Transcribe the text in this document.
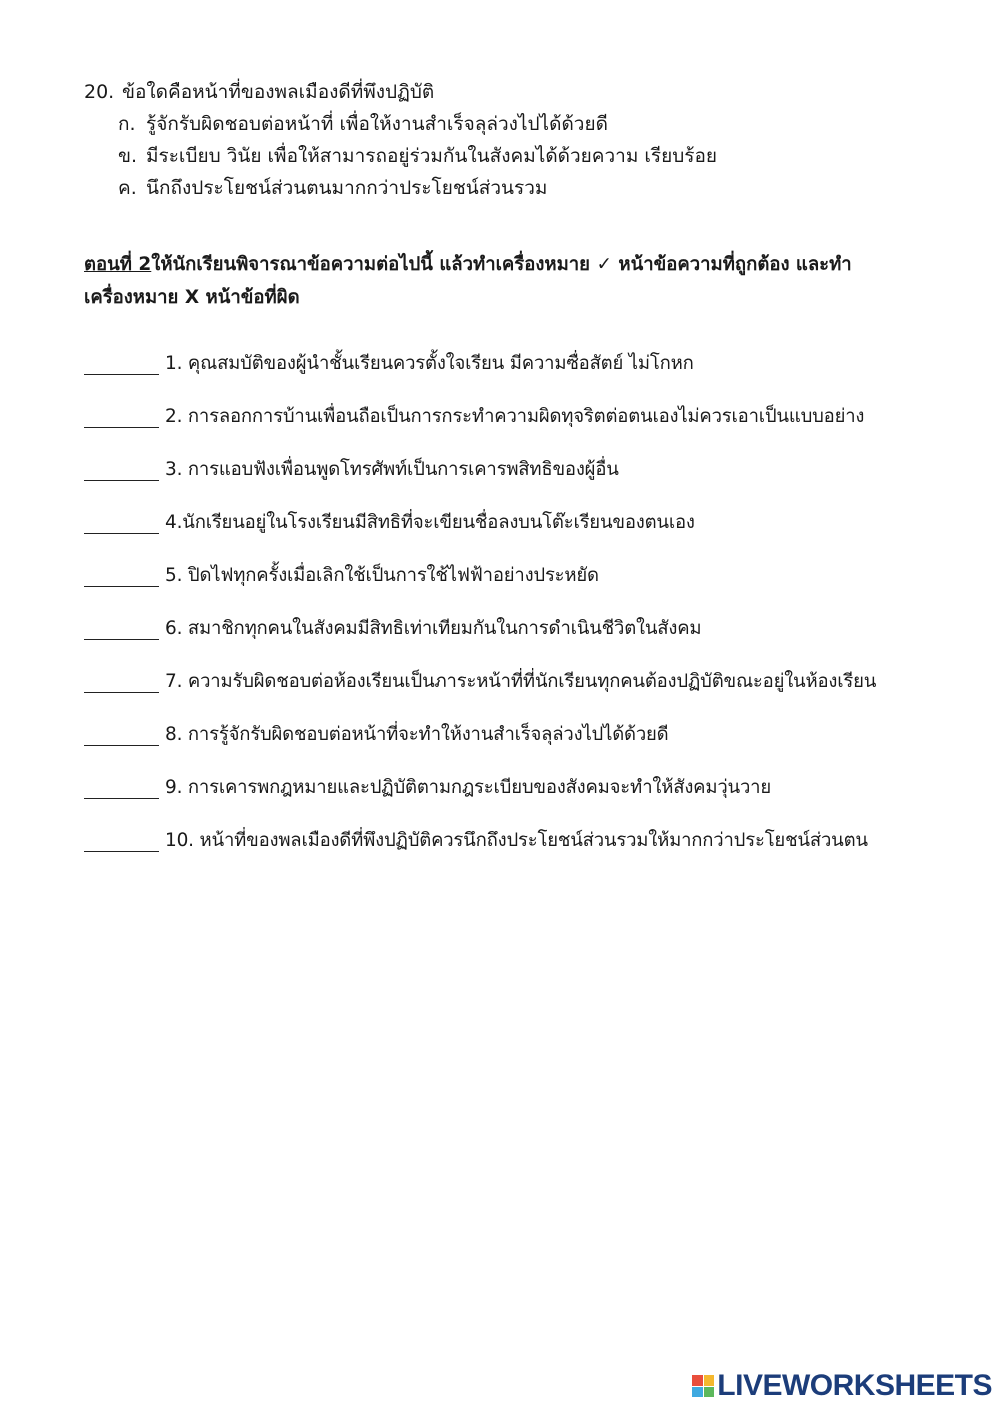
20. ข้อใดคือหน้าที่ของพลเมืองดีที่พึงปฏิบัติ
ก. รู้จักรับผิดชอบต่อหน้าที่ เพื่อให้งานสำเร็จลุล่วงไปได้ด้วยดี
ข. มีระเบียบ วินัย เพื่อให้สามารถอยู่ร่วมกันในสังคมได้ด้วยความ เรียบร้อย
ค. นึกถึงประโยชน์ส่วนตนมากกว่าประโยชน์ส่วนรวม
ตอนที่ 2ให้นักเรียนพิจารณาข้อความต่อไปนี้ แล้วทำเครื่องหมาย ✓ หน้าข้อความที่ถูกต้อง และทำ
เครื่องหมาย X หน้าข้อที่ผิด
1. คุณสมบัติของผู้นำชั้นเรียนควรตั้งใจเรียน มีความซื่อสัตย์ ไม่โกหก
2. การลอกการบ้านเพื่อนถือเป็นการกระทำความผิดทุจริตต่อตนเองไม่ควรเอาเป็นแบบอย่าง
3. การแอบฟังเพื่อนพูดโทรศัพท์เป็นการเคารพสิทธิของผู้อื่น
4.นักเรียนอยู่ในโรงเรียนมีสิทธิที่จะเขียนชื่อลงบนโต๊ะเรียนของตนเอง
5. ปิดไฟทุกครั้งเมื่อเลิกใช้เป็นการใช้ไฟฟ้าอย่างประหยัด
6. สมาชิกทุกคนในสังคมมีสิทธิเท่าเทียมกันในการดำเนินชีวิตในสังคม
7. ความรับผิดชอบต่อห้องเรียนเป็นภาระหน้าที่ที่นักเรียนทุกคนต้องปฏิบัติขณะอยู่ในห้องเรียน
8. การรู้จักรับผิดชอบต่อหน้าที่จะทำให้งานสำเร็จลุล่วงไปได้ด้วยดี
9. การเคารพกฎหมายและปฏิบัติตามกฎระเบียบของสังคมจะทำให้สังคมวุ่นวาย
10. หน้าที่ของพลเมืองดีที่พึงปฏิบัติควรนึกถึงประโยชน์ส่วนรวมให้มากกว่าประโยชน์ส่วนตน
LIVEWORKSHEETS
